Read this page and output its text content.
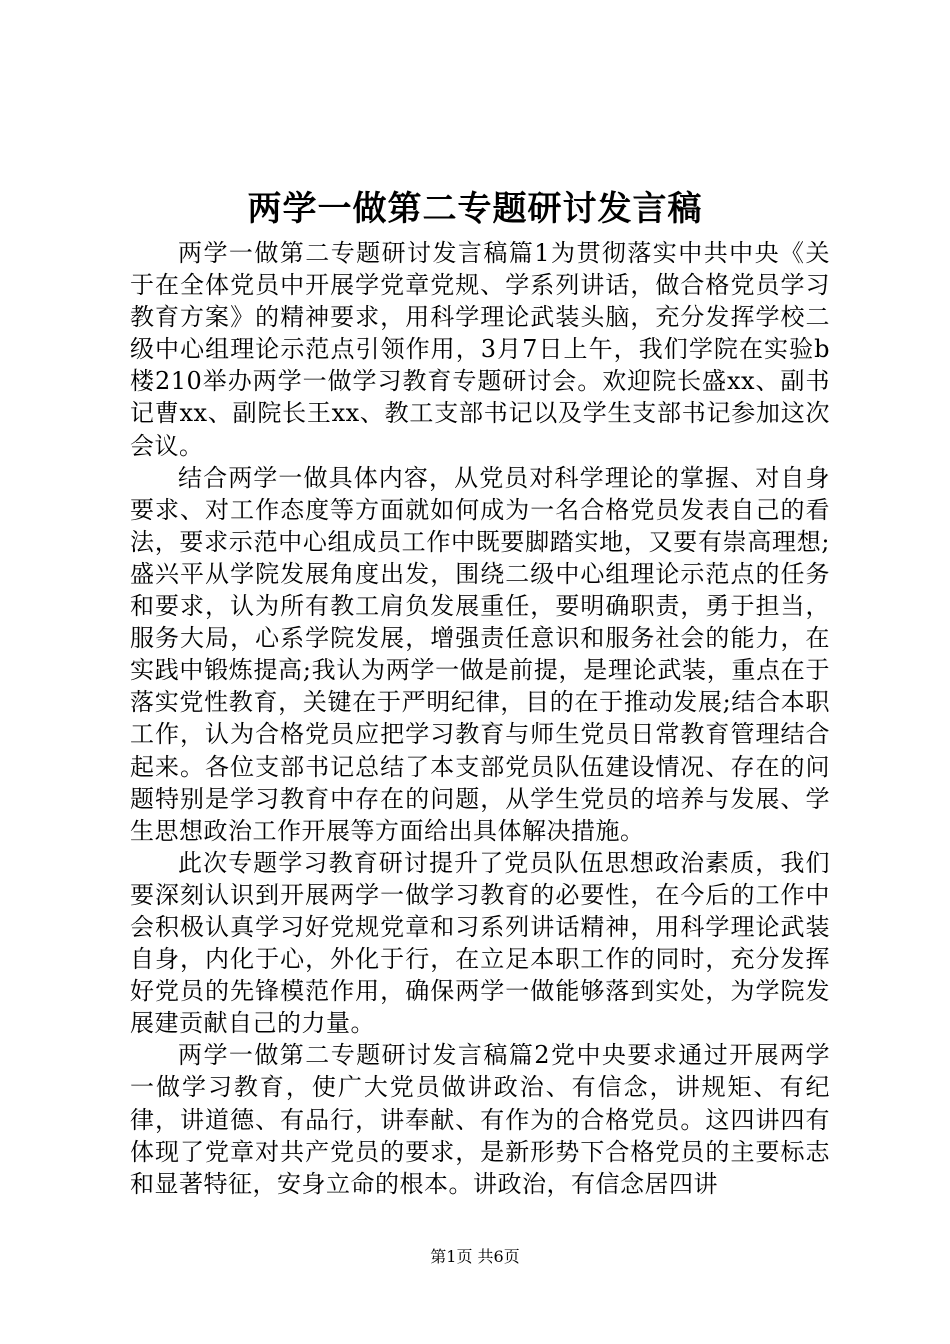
两学一做第二专题研讨发言稿

两学一做第二专题研讨发言稿篇1为贯彻落实中共中央《关于在全体党员中开展学党章党规、学系列讲话，做合格党员学习教育方案》的精神要求，用科学理论武装头脑，充分发挥学校二级中心组理论示范点引领作用，3月7日上午，我们学院在实验b楼210举办两学一做学习教育专题研讨会。欢迎院长盛xx、副书记曹xx、副院长王xx、教工支部书记以及学生支部书记参加这次会议。

结合两学一做具体内容，从党员对科学理论的掌握、对自身要求、对工作态度等方面就如何成为一名合格党员发表自己的看法，要求示范中心组成员工作中既要脚踏实地，又要有崇高理想;盛兴平从学院发展角度出发，围绕二级中心组理论示范点的任务和要求，认为所有教工肩负发展重任，要明确职责，勇于担当，服务大局，心系学院发展，增强责任意识和服务社会的能力，在实践中锻炼提高;我认为两学一做是前提，是理论武装，重点在于落实党性教育，关键在于严明纪律，目的在于推动发展;结合本职工作，认为合格党员应把学习教育与师生党员日常教育管理结合起来。各位支部书记总结了本支部党员队伍建设情况、存在的问题特别是学习教育中存在的问题，从学生党员的培养与发展、学生思想政治工作开展等方面给出具体解决措施。

此次专题学习教育研讨提升了党员队伍思想政治素质，我们要深刻认识到开展两学一做学习教育的必要性，在今后的工作中会积极认真学习好党规党章和习系列讲话精神，用科学理论武装自身，内化于心，外化于行，在立足本职工作的同时，充分发挥好党员的先锋模范作用，确保两学一做能够落到实处，为学院发展建贡献自己的力量。

两学一做第二专题研讨发言稿篇2党中央要求通过开展两学一做学习教育，使广大党员做讲政治、有信念，讲规矩、有纪律，讲道德、有品行，讲奉献、有作为的合格党员。这四讲四有体现了党章对共产党员的要求，是新形势下合格党员的主要标志和显著特征，安身立命的根本。讲政治，有信念居四讲

第1页 共6页
